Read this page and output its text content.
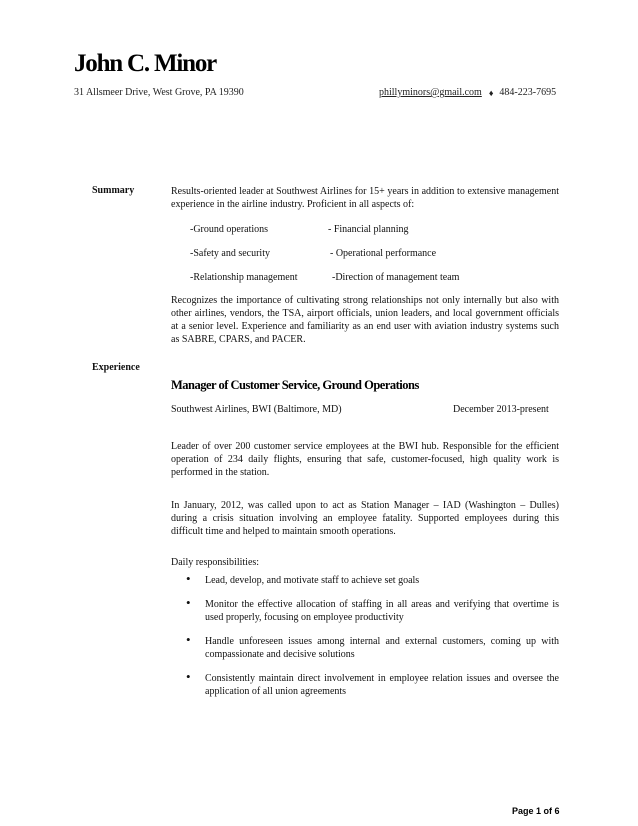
John C. Minor
31 Allsmeer Drive, West Grove, PA 19390	phillyminors@gmail.com ♦ 484-223-7695
Summary	Results-oriented leader at Southwest Airlines for 15+ years in addition to extensive management experience in the airline industry. Proficient in all aspects of:
-Ground operations	- Financial planning
-Safety and security	- Operational performance
-Relationship management	-Direction of management team
Recognizes the importance of cultivating strong relationships not only internally but also with other airlines, vendors, the TSA, airport officials, union leaders, and local government officials at a senior level. Experience and familiarity as an end user with aviation industry systems such as SABRE, CPARS, and PACER.
Experience
Manager of Customer Service, Ground Operations
Southwest Airlines, BWI (Baltimore, MD)	December 2013-present
Leader of over 200 customer service employees at the BWI hub. Responsible for the efficient operation of 234 daily flights, ensuring that safe, customer-focused, high quality work is performed in the station.
In January, 2012, was called upon to act as Station Manager – IAD (Washington – Dulles) during a crisis situation involving an employee fatality. Supported employees during this difficult time and helped to maintain smooth operations.
Daily responsibilities:
• Lead, develop, and motivate staff to achieve set goals
• Monitor the effective allocation of staffing in all areas and verifying that overtime is used properly, focusing on employee productivity
• Handle unforeseen issues among internal and external customers, coming up with compassionate and decisive solutions
• Consistently maintain direct involvement in employee relation issues and oversee the application of all union agreements
Page 1 of 6
